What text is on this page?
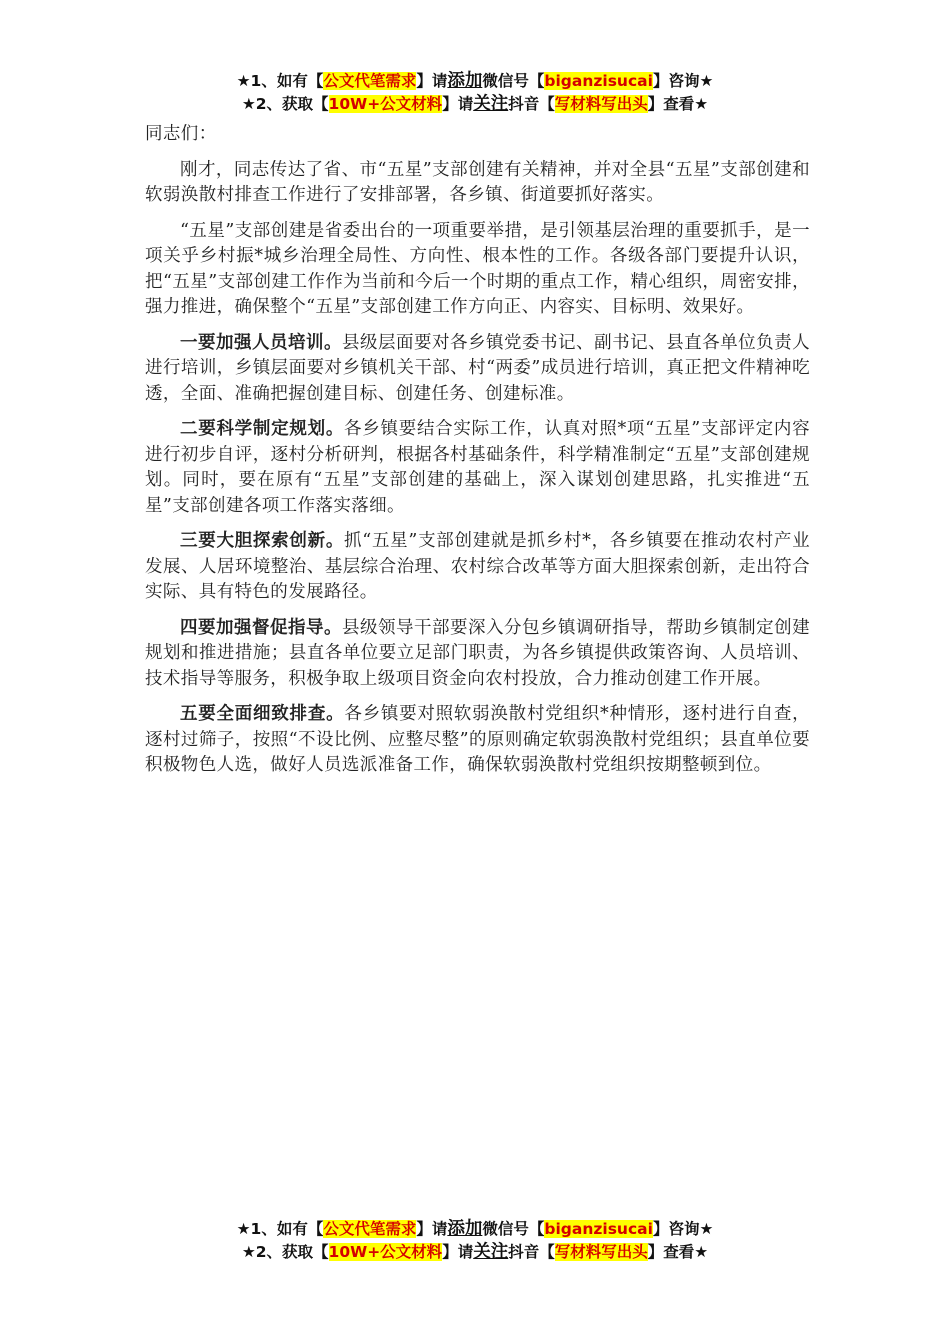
★1、如有【公文代笔需求】请添加微信号【biganzisucai】咨询★
★2、获取【10W+公文材料】请关注抖音【写材料写出头】查看★

同志们：

刚才，同志传达了省、市“五星”支部创建有关精神，并对全县“五星”支部创建和软弱涣散村排查工作进行了安排部署，各乡镇、街道要抓好落实。

“五星”支部创建是省委出台的一项重要举措，是引领基层治理的重要抓手，是一项关乎乡村振*城乡治理全局性、方向性、根本性的工作。各级各部门要提升认识，把“五星”支部创建工作作为当前和今后一个时期的重点工作，精心组织，周密安排，强力推进，确保整个“五星”支部创建工作方向正、内容实、目标明、效果好。

一要加强人员培训。县级层面要对各乡镇党委书记、副书记、县直各单位负责人进行培训，乡镇层面要对乡镇机关干部、村“两委”成员进行培训，真正把文件精神吃透，全面、准确把握创建目标、创建任务、创建标准。

二要科学制定规划。各乡镇要结合实际工作，认真对照*项“五星”支部评定内容进行初步自评，逐村分析研判，根据各村基础条件，科学精准制定“五星”支部创建规划。同时，要在原有“五星”支部创建的基础上，深入谋划创建思路，扎实推进“五星”支部创建各项工作落实落细。

三要大胆探索创新。抓“五星”支部创建就是抓乡村*，各乡镇要在推动农村产业发展、人居环境整治、基层综合治理、农村综合改革等方面大胆探索创新，走出符合实际、具有特色的发展路径。

四要加强督促指导。县级领导干部要深入分包乡镇调研指导，帮助乡镇制定创建规划和推进措施；县直各单位要立足部门职责，为各乡镇提供政策咨询、人员培训、技术指导等服务，积极争取上级项目资金向农村投放，合力推动创建工作开展。

五要全面细致排查。各乡镇要对照软弱涣散村党组织*种情形，逐村进行自查，逐村过筛子，按照“不设比例、应整尽整”的原则确定软弱涣散村党组织；县直单位要积极物色人选，做好人员选派准备工作，确保软弱涣散村党组织按期整顿到位。

★1、如有【公文代笔需求】请添加微信号【biganzisucai】咨询★
★2、获取【10W+公文材料】请关注抖音【写材料写出头】查看★
